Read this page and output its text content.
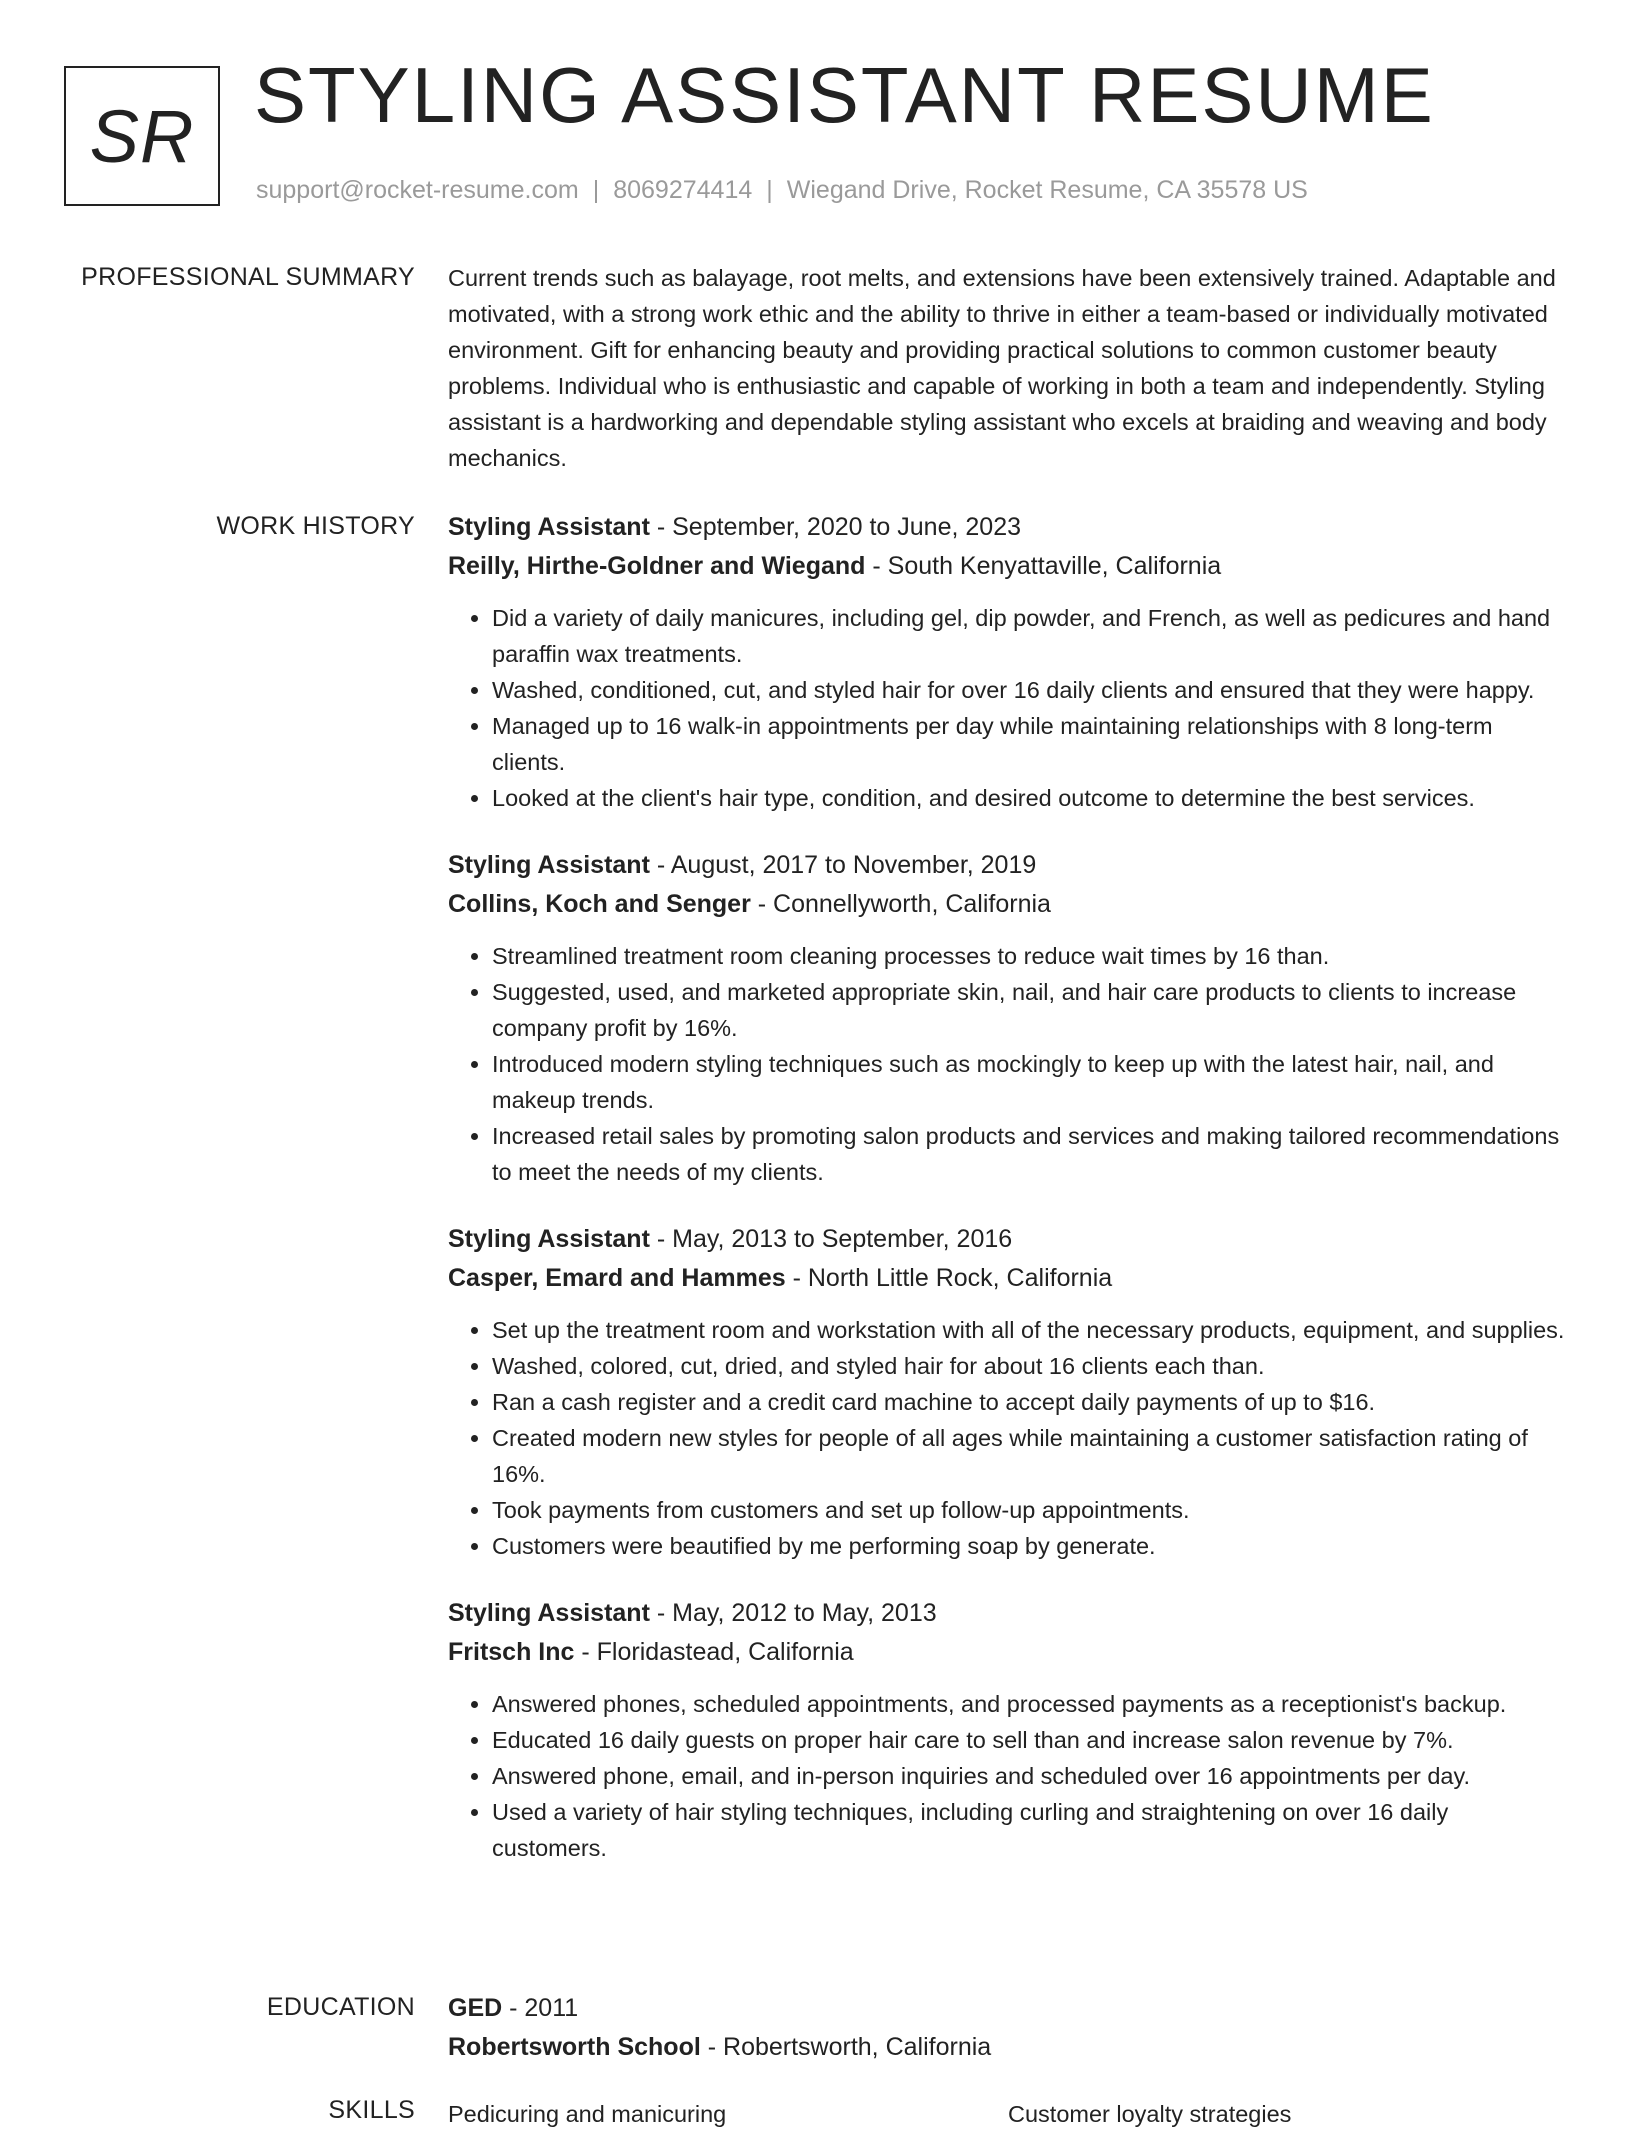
SR STYLING ASSISTANT RESUME
support@rocket-resume.com | 8069274414 | Wiegand Drive, Rocket Resume, CA 35578 US
PROFESSIONAL SUMMARY Current trends such as balayage, root melts, and extensions have been extensively trained. Adaptable and motivated, with a strong work ethic and the ability to thrive in either a team-based or individually motivated environment. Gift for enhancing beauty and providing practical solutions to common customer beauty problems. Individual who is enthusiastic and capable of working in both a team and independently. Styling assistant is a hardworking and dependable styling assistant who excels at braiding and weaving and body mechanics.

WORK HISTORY Styling Assistant - September, 2020 to June, 2023
Reilly, Hirthe-Goldner and Wiegand - South Kenyattaville, California
• Did a variety of daily manicures, including gel, dip powder, and French, as well as pedicures and hand paraffin wax treatments.
• Washed, conditioned, cut, and styled hair for over 16 daily clients and ensured that they were happy.
• Managed up to 16 walk-in appointments per day while maintaining relationships with 8 long-term clients.
• Looked at the client's hair type, condition, and desired outcome to determine the best services.
Styling Assistant - August, 2017 to November, 2019
Collins, Koch and Senger - Connellyworth, California
• Streamlined treatment room cleaning processes to reduce wait times by 16 than.
• Suggested, used, and marketed appropriate skin, nail, and hair care products to clients to increase company profit by 16%.
• Introduced modern styling techniques such as mockingly to keep up with the latest hair, nail, and makeup trends.
• Increased retail sales by promoting salon products and services and making tailored recommendations to meet the needs of my clients.
Styling Assistant - May, 2013 to September, 2016
Casper, Emard and Hammes - North Little Rock, California
• Set up the treatment room and workstation with all of the necessary products, equipment, and supplies.
• Washed, colored, cut, dried, and styled hair for about 16 clients each than.
• Ran a cash register and a credit card machine to accept daily payments of up to $16.
• Created modern new styles for people of all ages while maintaining a customer satisfaction rating of 16%.
• Took payments from customers and set up follow-up appointments.
• Customers were beautified by me performing soap by generate.
Styling Assistant - May, 2012 to May, 2013
Fritsch Inc - Floridastead, California
• Answered phones, scheduled appointments, and processed payments as a receptionist's backup.
• Educated 16 daily guests on proper hair care to sell than and increase salon revenue by 7%.
• Answered phone, email, and in-person inquiries and scheduled over 16 appointments per day.
• Used a variety of hair styling techniques, including curling and straightening on over 16 daily customers.
EDUCATION GED - 2011
Robertsworth School - Robertsworth, California
SKILLS Pedicuring and manicuring	Customer loyalty strategies
